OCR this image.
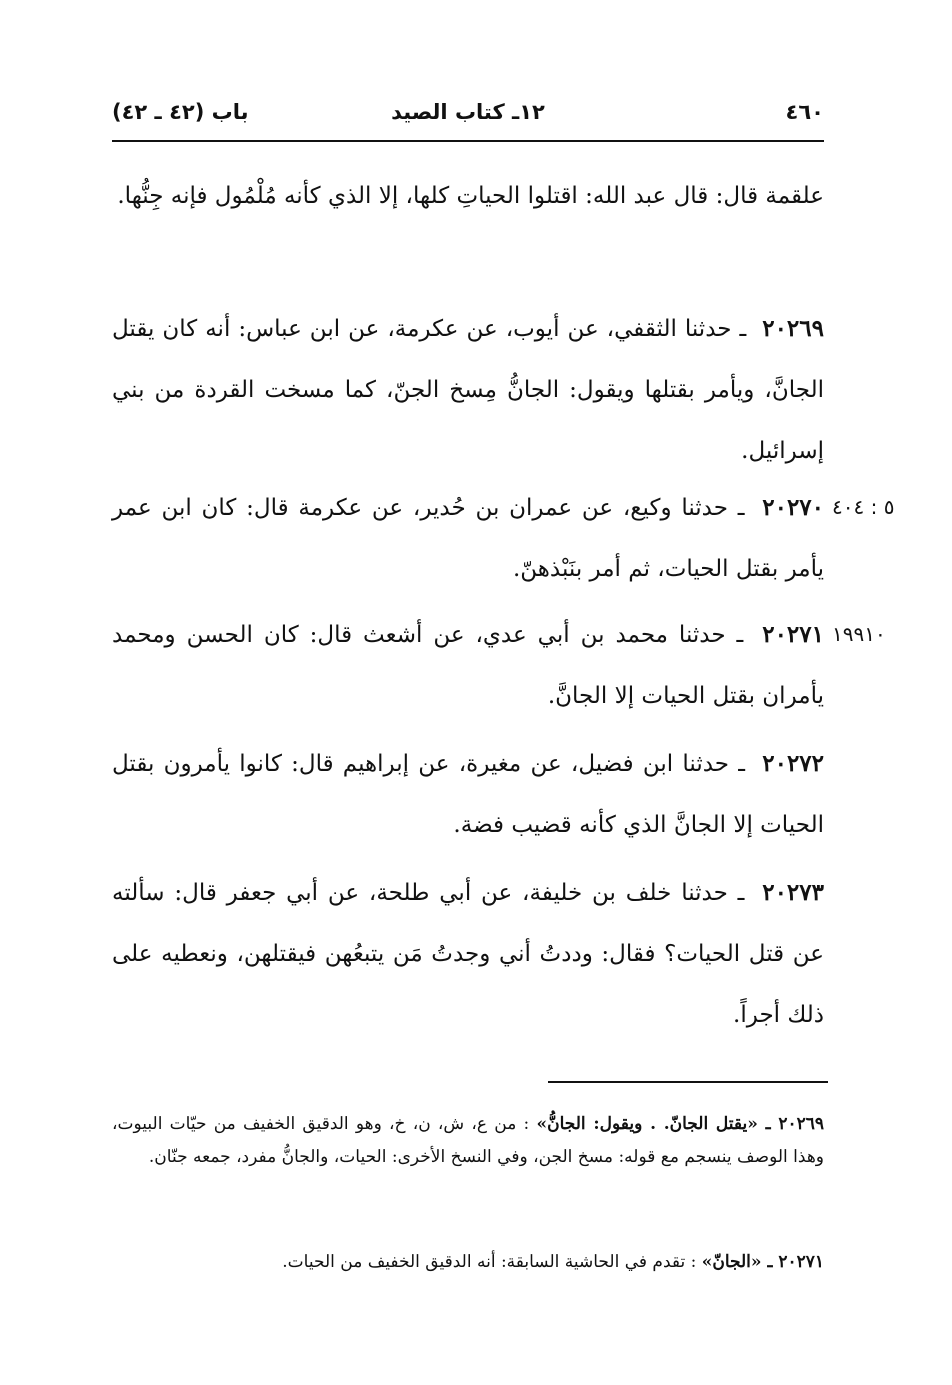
٤٦٠
١٢ـ كتاب الصيد
باب (٤٢ ـ ٤٢)
علقمة قال: قال عبد الله: اقتلوا الحياتِ كلها، إلا الذي كأنه مُلْمُول فإنه جِنُّها.
٢٠٢٦٩ ـ حدثنا الثقفي، عن أيوب، عن عكرمة، عن ابن عباس: أنه كان يقتل الجانَّ، ويأمر بقتلها ويقول: الجانُّ مِسخ الجنّ، كما مسخت القردة من بني إسرائيل.
٥ : ٤٠٤
٢٠٢٧٠ ـ حدثنا وكيع، عن عمران بن حُدير، عن عكرمة قال: كان ابن عمر يأمر بقتل الحيات، ثم أمر بنَبْذهنّ.
١٩٩١٠
٢٠٢٧١ ـ حدثنا محمد بن أبي عدي، عن أشعث قال: كان الحسن ومحمد يأمران بقتل الحيات إلا الجانَّ.
٢٠٢٧٢ ـ حدثنا ابن فضيل، عن مغيرة، عن إبراهيم قال: كانوا يأمرون بقتل الحيات إلا الجانَّ الذي كأنه قضيب فضة.
٢٠٢٧٣ ـ حدثنا خلف بن خليفة، عن أبي طلحة، عن أبي جعفر قال: سألته عن قتل الحيات؟ فقال: وددتُ أني وجدتُ مَن يتبعُهن فيقتلهن، ونعطيه على ذلك أجراً.
٢٠٢٦٩ ـ «يقتل الجانّ. . ويقول: الجانُّ» : من ع، ش، ن، خ، وهو الدقيق الخفيف من حيّات البيوت، وهذا الوصف ينسجم مع قوله: مسخ الجن، وفي النسخ الأخرى: الحيات، والجانُّ مفرد، جمعه جنّان.
٢٠٢٧١ ـ «الجانّ» : تقدم في الحاشية السابقة: أنه الدقيق الخفيف من الحيات.
